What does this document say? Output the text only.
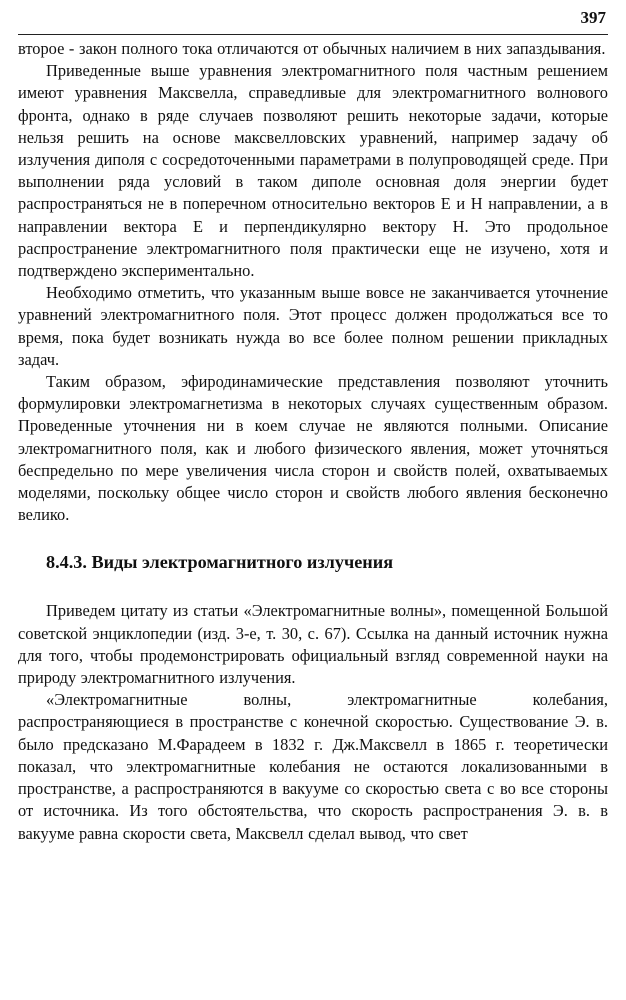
397

второе - закон полного тока отличаются от обычных наличием в них запаздывания.

Приведенные выше уравнения электромагнитного поля частным решением имеют уравнения Максвелла, справедливые для электромагнитного волнового фронта, однако в ряде случаев позволяют решить некоторые задачи, которые нельзя решить на основе максвелловских уравнений, например задачу об излучения диполя с сосредоточенными параметрами в полупроводящей среде. При выполнении ряда условий в таком диполе основная доля энергии будет распространяться не в поперечном относительно векторов E и H направлении, а в направлении вектора E и перпендикулярно вектору H. Это продольное распространение электромагнитного поля практически еще не изучено, хотя и подтверждено экспериментально.

Необходимо отметить, что указанным выше вовсе не заканчивается уточнение уравнений электромагнитного поля. Этот процесс должен продолжаться все то время, пока будет возникать нужда во все более полном решении прикладных задач.

Таким образом, эфиродинамические представления позволяют уточнить формулировки электромагнетизма в некоторых случаях существенным образом. Проведенные уточнения ни в коем случае не являются полными. Описание электромагнитного поля, как и любого физического явления, может уточняться беспредельно по мере увеличения числа сторон и свойств полей, охватываемых моделями, поскольку общее число сторон и свойств любого явления бесконечно велико.

8.4.3. Виды электромагнитного излучения

Приведем цитату из статьи «Электромагнитные волны», помещенной Большой советской энциклопедии (изд. 3-е, т. 30, с. 67). Ссылка на данный источник нужна для того, чтобы продемонстрировать официальный взгляд современной науки на природу электромагнитного излучения.

«Электромагнитные волны, электромагнитные колебания, распространяющиеся в пространстве с конечной скоростью. Существование Э. в. было предсказано М.Фарадеем в 1832 г. Дж.Максвелл в 1865 г. теоретически показал, что электромагнитные колебания не остаются локализованными в пространстве, а распространяются в вакууме со скоростью света c во все стороны от источника. Из того обстоятельства, что скорость распространения Э. в. в вакууме равна скорости света, Максвелл сделал вывод, что свет
